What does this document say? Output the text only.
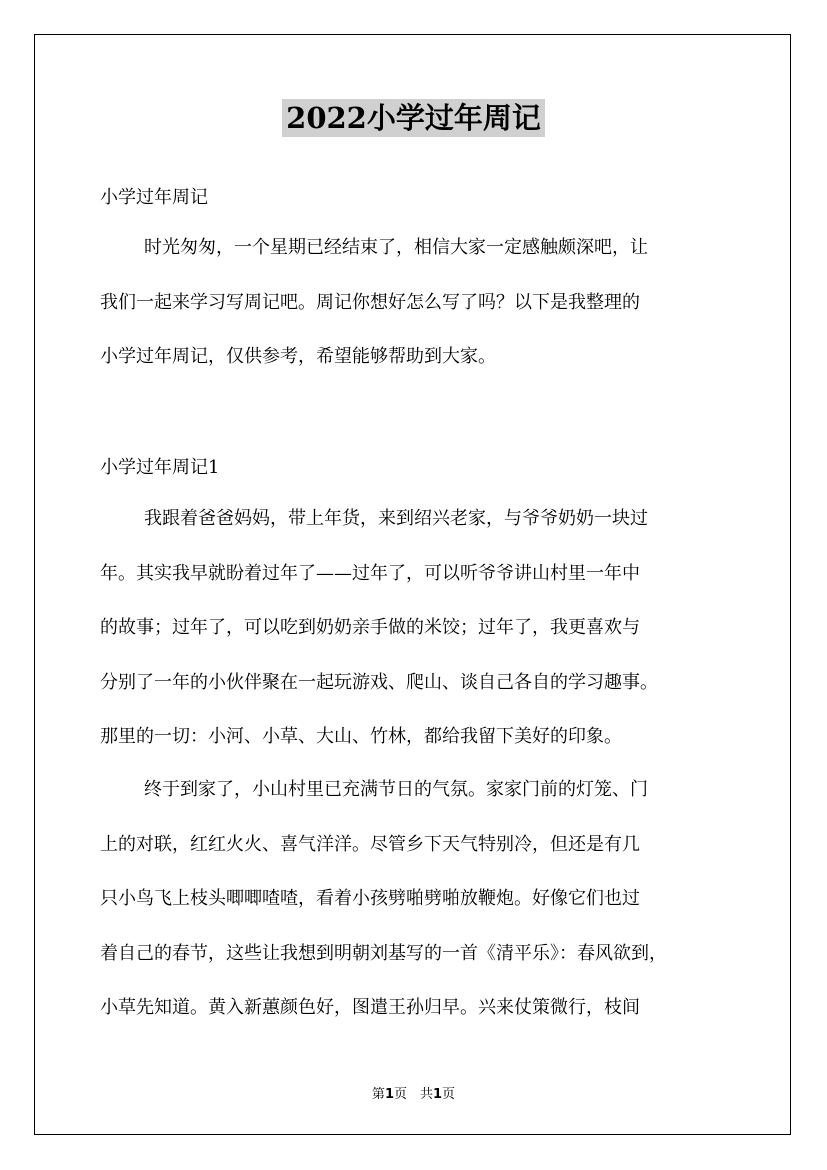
2022小学过年周记
小学过年周记
时光匆匆，一个星期已经结束了，相信大家一定感触颇深吧，让
我们一起来学习写周记吧。周记你想好怎么写了吗？以下是我整理的
小学过年周记，仅供参考，希望能够帮助到大家。
小学过年周记1
我跟着爸爸妈妈，带上年货，来到绍兴老家，与爷爷奶奶一块过
年。其实我早就盼着过年了——过年了，可以听爷爷讲山村里一年中
的故事；过年了，可以吃到奶奶亲手做的米饺；过年了，我更喜欢与
分别了一年的小伙伴聚在一起玩游戏、爬山、谈自己各自的学习趣事。
那里的一切：小河、小草、大山、竹林，都给我留下美好的印象。
终于到家了，小山村里已充满节日的气氛。家家门前的灯笼、门
上的对联，红红火火、喜气洋洋。尽管乡下天气特别冷，但还是有几
只小鸟飞上枝头唧唧喳喳，看着小孩劈啪劈啪放鞭炮。好像它们也过
着自己的春节，这些让我想到明朝刘基写的一首《清平乐》：春风欲到，
小草先知道。黄入新蕙颜色好，图遣王孙归早。兴来仗策微行，枝间
第1页　共1页
